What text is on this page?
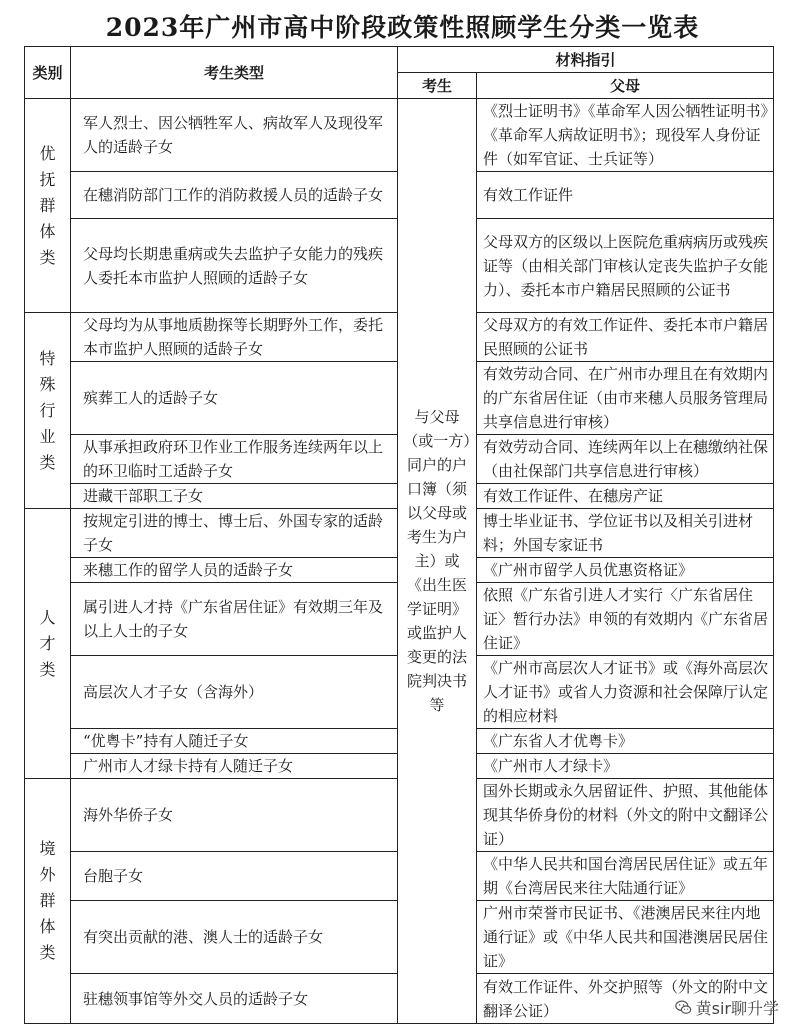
2023年广州市高中阶段政策性照顾学生分类一览表
类别	考生类型	材料指引	
		考生	父母
优抚群体类	军人烈士、因公牺牲军人、病故军人及现役军人的适龄子女	与父母（或一方）同户的户口簿（须以父母或考生为户主）或《出生医学证明》或监护人变更的法院判决书等	《烈士证明书》《革命军人因公牺牲证明书》《革命军人病故证明书》；现役军人身份证件（如军官证、士兵证等）
	在穗消防部门工作的消防救援人员的适龄子女		有效工作证件
	父母均长期患重病或失去监护子女能力的残疾人委托本市监护人照顾的适龄子女		父母双方的区级以上医院危重病病历或残疾证等（由相关部门审核认定丧失监护子女能力）、委托本市户籍居民照顾的公证书
特殊行业类	父母均为从事地质勘探等长期野外工作，委托本市监护人照顾的适龄子女		父母双方的有效工作证件、委托本市户籍居民照顾的公证书
	殡葬工人的适龄子女		有效劳动合同、在广州市办理且在有效期内的广东省居住证（由市来穗人员服务管理局共享信息进行审核）
	从事承担政府环卫作业工作服务连续两年以上的环卫临时工适龄子女		有效劳动合同、连续两年以上在穗缴纳社保（由社保部门共享信息进行审核）
	进藏干部职工子女		有效工作证件、在穗房产证
人才类	按规定引进的博士、博士后、外国专家的适龄子女		博士毕业证书、学位证书以及相关引进材料；外国专家证书
	来穗工作的留学人员的适龄子女		《广州市留学人员优惠资格证》
	属引进人才持《广东省居住证》有效期三年及以上人士的子女		依照《广东省引进人才实行〈广东省居住证〉暂行办法》申领的有效期内《广东省居住证》
	高层次人才子女（含海外）		《广州市高层次人才证书》或《海外高层次人才证书》或省人力资源和社会保障厅认定的相应材料
	“优粤卡”持有人随迁子女		《广东省人才优粤卡》
	广州市人才绿卡持有人随迁子女		《广州市人才绿卡》
境外群体类	海外华侨子女		国外长期或永久居留证件、护照、其他能体现其华侨身份的材料（外文的附中文翻译公证）
	台胞子女		《中华人民共和国台湾居民居住证》或五年期《台湾居民来往大陆通行证》
	有突出贡献的港、澳人士的适龄子女		广州市荣誉市民证书、《港澳居民来往内地通行证》或《中华人民共和国港澳居民居住证》
	驻穗领事馆等外交人员的适龄子女		有效工作证件、外交护照等（外文的附中文翻译公证）	黄sir聊升学
